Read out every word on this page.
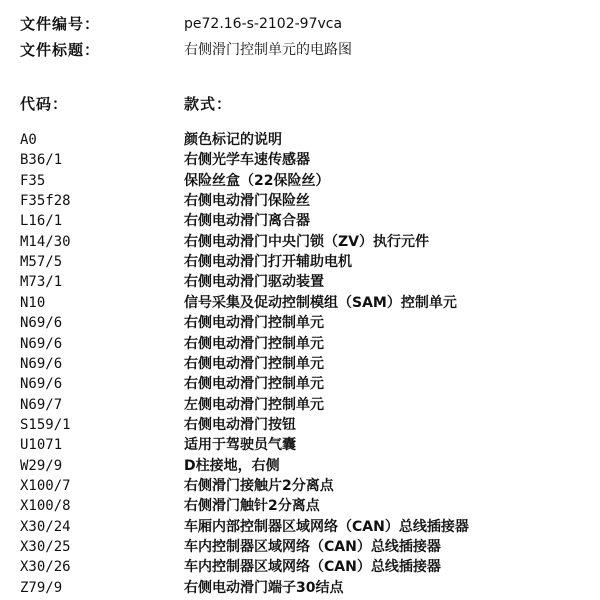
文件编号：	pe72.16-s-2102-97vca
文件标题：	右侧滑门控制单元的电路图
代码：	款式：
A0	颜色标记的说明
B36/1	右侧光学车速传感器
F35	保险丝盒（22保险丝）
F35f28	右侧电动滑门保险丝
L16/1	右侧电动滑门离合器
M14/30	右侧电动滑门中央门锁（ZV）执行元件
M57/5	右侧电动滑门打开辅助电机
M73/1	右侧电动滑门驱动装置
N10	信号采集及促动控制模组（SAM）控制单元
N69/6	右侧电动滑门控制单元
N69/6	右侧电动滑门控制单元
N69/6	右侧电动滑门控制单元
N69/6	右侧电动滑门控制单元
N69/7	左侧电动滑门控制单元
S159/1	右侧电动滑门按钮
U1071	适用于驾驶员气囊
W29/9	D柱接地，右侧
X100/7	右侧滑门接触片2分离点
X100/8	右侧滑门触针2分离点
X30/24	车厢内部控制器区域网络（CAN）总线插接器
X30/25	车内控制器区域网络（CAN）总线插接器
X30/26	车内控制器区域网络（CAN）总线插接器
Z79/9	右侧电动滑门端子30结点
